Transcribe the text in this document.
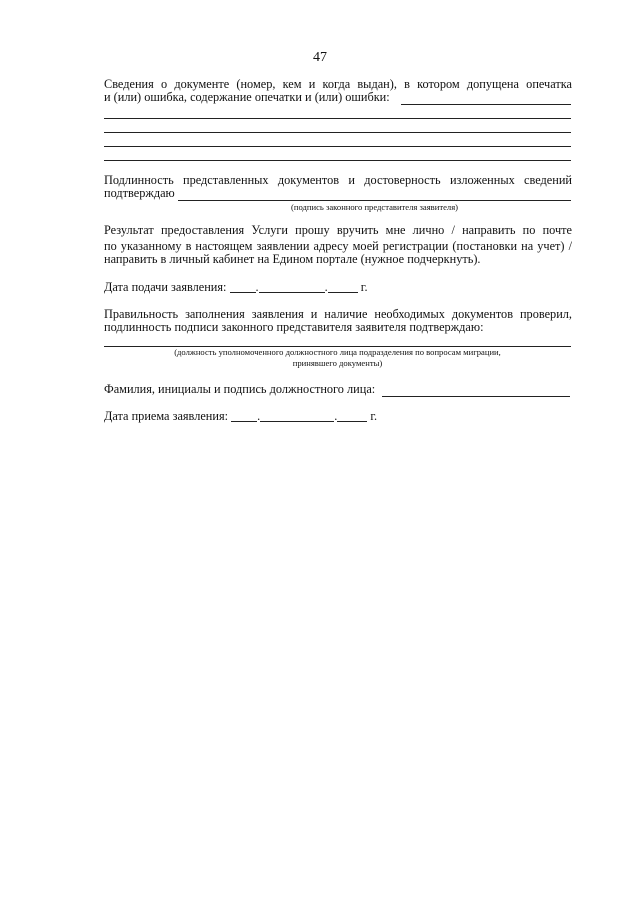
47
Сведения о документе (номер, кем и когда выдан), в котором допущена опечатка
и (или) ошибка, содержание опечатки и (или) ошибки:
Подлинность представленных документов и достоверность изложенных сведений
подтверждаю
(подпись законного представителя заявителя)
Результат предоставления Услуги прошу вручить мне лично / направить по почте
по указанному в настоящем заявлении адресу моей регистрации (постановки на учет) /
направить в личный кабинет на Едином портале (нужное подчеркнуть).
Дата подачи заявления: .	.	г.
Правильность заполнения заявления и наличие необходимых документов проверил,
подлинность подписи законного представителя заявителя подтверждаю:
(должность уполномоченного должностного лица подразделения по вопросам миграции,
принявшего документы)
Фамилия, инициалы и подпись должностного лица:
Дата приема заявления: .	.	г.
